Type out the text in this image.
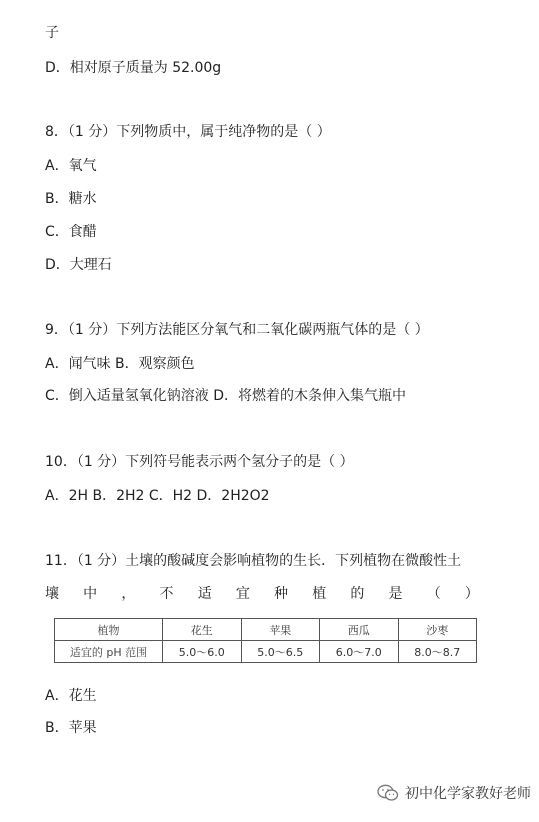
子
D．相对原子质量为 52.00g
8．（1 分）下列物质中，属于纯净物的是（ ）
A．氧气
B．糖水
C．食醋
D．大理石
9．（1 分）下列方法能区分氧气和二氧化碳两瓶气体的是（ ）
A．闻气味 B．观察颜色
C．倒入适量氢氧化钠溶液 D．将燃着的木条伸入集气瓶中
10．（1 分）下列符号能表示两个氢分子的是（ ）
A．2H B．2H2 C．H2 D．2H2O2
11．（1 分）土壤的酸碱度会影响植物的生长．下列植物在微酸性土
壤 中 ， 不 适 宜 种 植 的 是 （ ）
植物	花生	苹果	西瓜	沙枣
适宜的 pH 范围	5.0～6.0	5.0～6.5	6.0～7.0	8.0～8.7
A．花生
B．苹果
初中化学家教好老师
